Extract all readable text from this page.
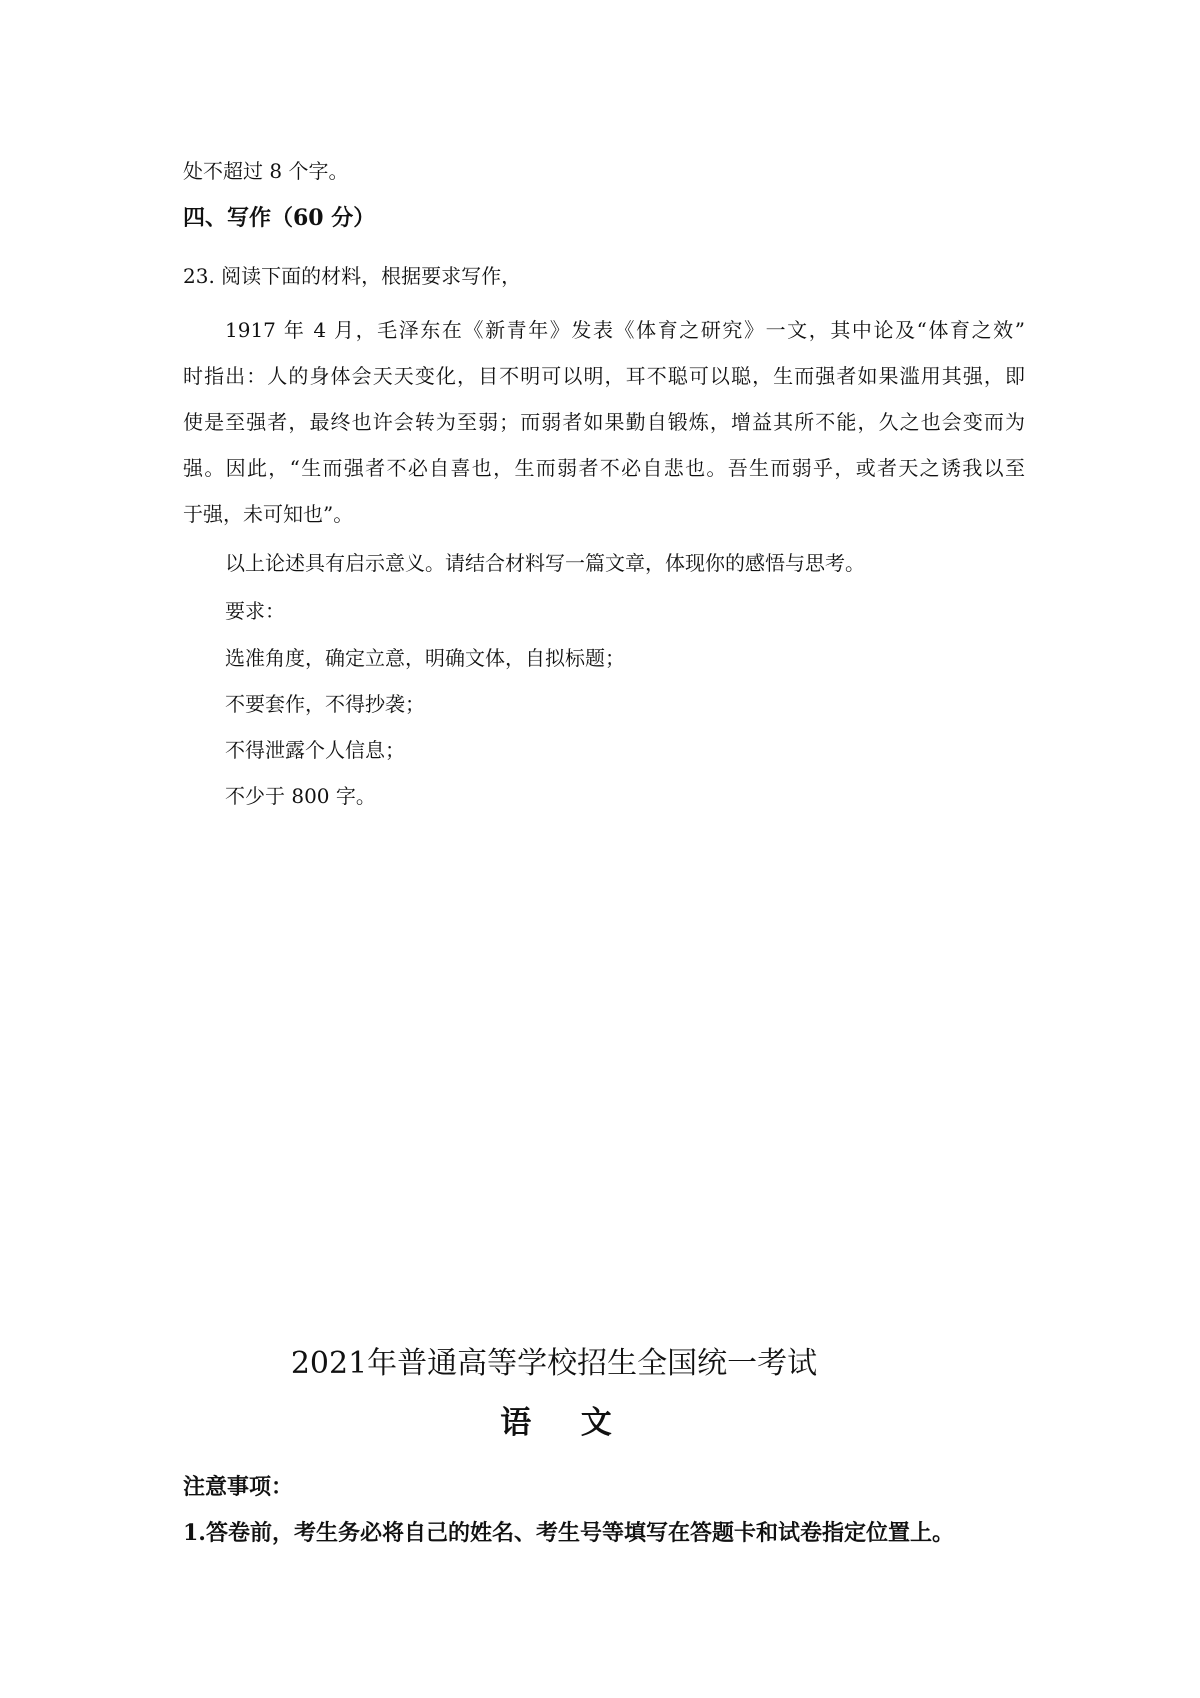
处不超过 8 个字。
四、写作（60 分）
23. 阅读下面的材料，根据要求写作，
1917 年 4 月，毛泽东在《新青年》发表《体育之研究》一文，其中论及“体育之效”
时指出：人的身体会天天变化，目不明可以明，耳不聪可以聪，生而强者如果滥用其强，即
使是至强者，最终也许会转为至弱；而弱者如果勤自锻炼，增益其所不能，久之也会变而为
强。因此，“生而强者不必自喜也，生而弱者不必自悲也。吾生而弱乎，或者天之诱我以至
于强，未可知也”。
以上论述具有启示意义。请结合材料写一篇文章，体现你的感悟与思考。
要求：
选准角度，确定立意，明确文体，自拟标题；
不要套作，不得抄袭；
不得泄露个人信息；
不少于 800 字。
2021年普通高等学校招生全国统一考试
语文
注意事项：
1.答卷前，考生务必将自己的姓名、考生号等填写在答题卡和试卷指定位置上。
